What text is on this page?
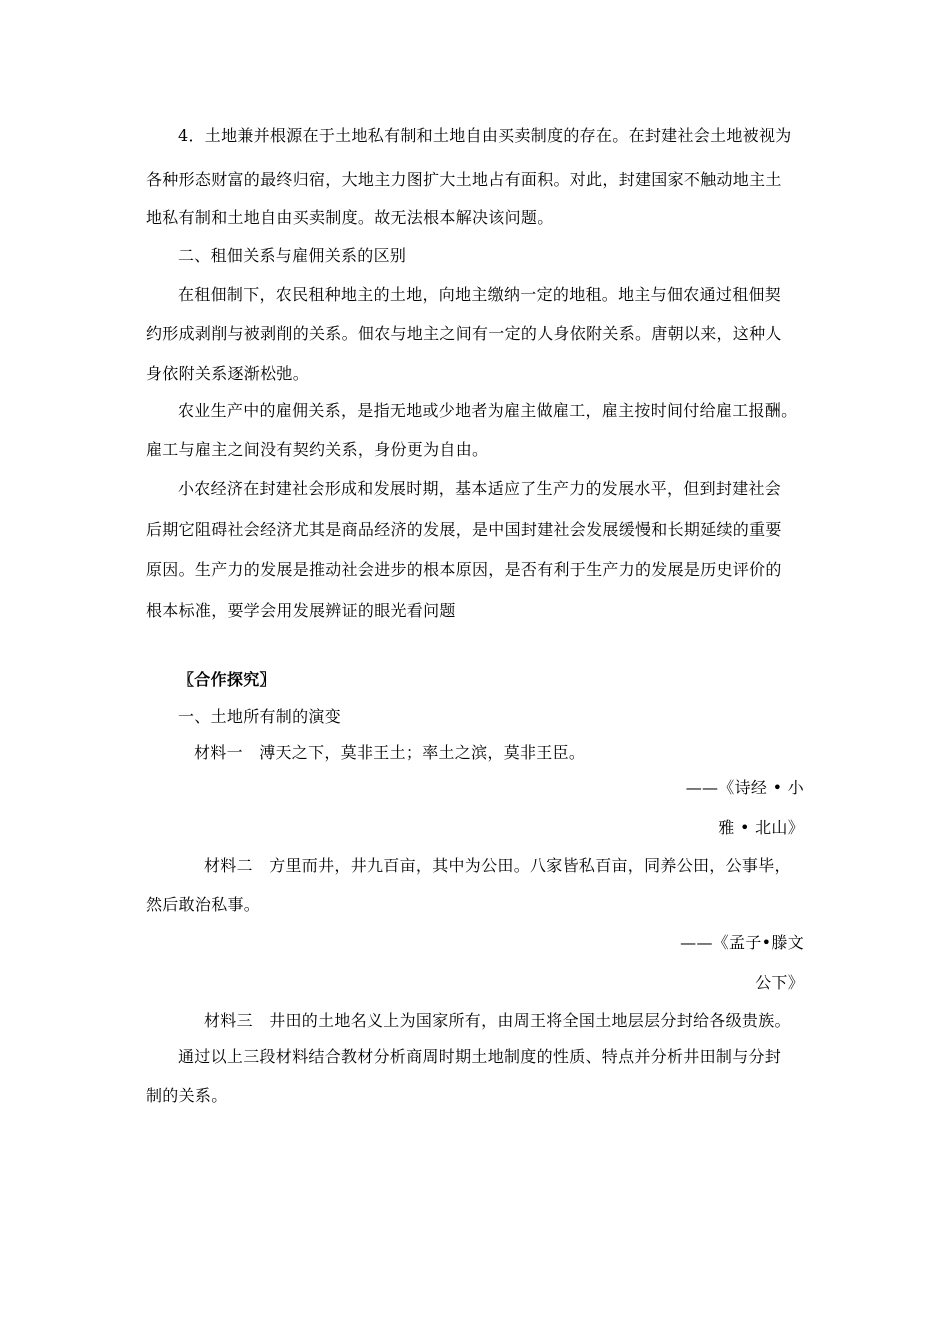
4．土地兼并根源在于土地私有制和土地自由买卖制度的存在。在封建社会土地被视为
各种形态财富的最终归宿，大地主力图扩大土地占有面积。对此，封建国家不触动地主土
地私有制和土地自由买卖制度。故无法根本解决该问题。
二、租佃关系与雇佣关系的区别
在租佃制下，农民租种地主的土地，向地主缴纳一定的地租。地主与佃农通过租佃契
约形成剥削与被剥削的关系。佃农与地主之间有一定的人身依附关系。唐朝以来，这种人
身依附关系逐渐松弛。
农业生产中的雇佣关系，是指无地或少地者为雇主做雇工，雇主按时间付给雇工报酬。
雇工与雇主之间没有契约关系，身份更为自由。
小农经济在封建社会形成和发展时期，基本适应了生产力的发展水平，但到封建社会
后期它阻碍社会经济尤其是商品经济的发展，是中国封建社会发展缓慢和长期延续的重要
原因。生产力的发展是推动社会进步的根本原因，是否有利于生产力的发展是历史评价的
根本标准，要学会用发展辨证的眼光看问题
〖合作探究〗
一、土地所有制的演变
材料一　溥天之下，莫非王土；率土之滨，莫非王臣。
——《诗经 • 小
雅 • 北山》
材料二　方里而井，井九百亩，其中为公田。八家皆私百亩，同养公田，公事毕，
然后敢治私事。
——《孟子•滕文
公下》
材料三　井田的土地名义上为国家所有，由周王将全国土地层层分封给各级贵族。
通过以上三段材料结合教材分析商周时期土地制度的性质、特点并分析井田制与分封
制的关系。
